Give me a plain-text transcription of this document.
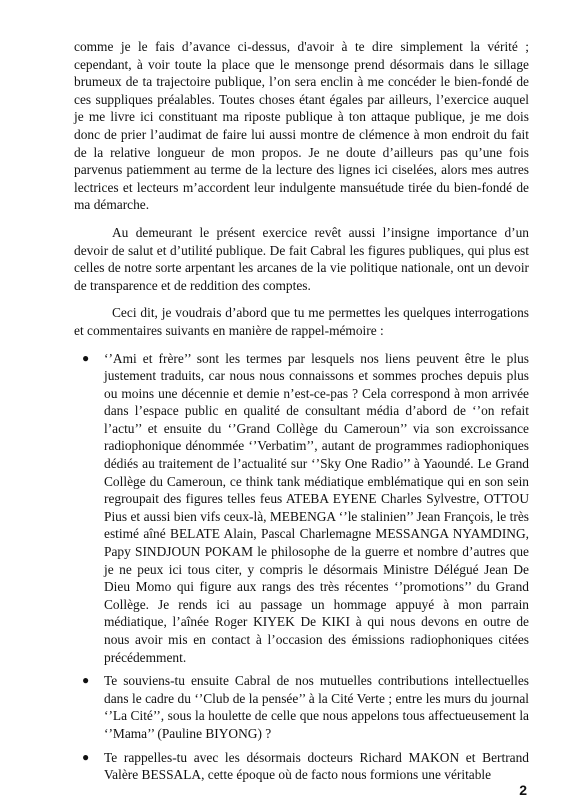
comme je le fais d’avance ci-dessus, d'avoir à te dire simplement la vérité ; cependant, à voir toute la place que le mensonge prend désormais dans le sillage brumeux de ta trajectoire publique, l’on sera enclin à me concéder le bien-fondé de ces suppliques préalables. Toutes choses étant égales par ailleurs, l’exercice auquel je me livre ici constituant ma riposte publique à ton attaque publique, je me dois donc de prier l’audimat de faire lui aussi montre de clémence à mon endroit du fait de la relative longueur de mon propos. Je ne doute d’ailleurs pas qu’une fois parvenus patiemment au terme de la lecture des lignes ici ciselées, alors mes autres lectrices et lecteurs m’accordent leur indulgente mansuétude tirée du bien-fondé de ma démarche.

Au demeurant le présent exercice revêt aussi l’insigne importance d’un devoir de salut et d’utilité publique. De fait Cabral les figures publiques, qui plus est celles de notre sorte arpentant les arcanes de la vie politique nationale, ont un devoir de transparence et de reddition des comptes.

Ceci dit, je voudrais d’abord que tu me permettes les quelques interrogations et commentaires suivants en manière de rappel-mémoire :

● ‘’Ami et frère’’ sont les termes par lesquels nos liens peuvent être le plus justement traduits, car nous nous connaissons et sommes proches depuis plus ou moins une décennie et demie n’est-ce-pas ? Cela correspond à mon arrivée dans l’espace public en qualité de consultant média d’abord de ‘’on refait l’actu’’ et ensuite du ‘’Grand Collège du Cameroun’’ via son excroissance radiophonique dénommée ‘’Verbatim’’, autant de programmes radiophoniques dédiés au traitement de l’actualité sur ‘’Sky One Radio’’ à Yaoundé. Le Grand Collège du Cameroun, ce think tank médiatique emblématique qui en son sein regroupait des figures telles feus ATEBA EYENE Charles Sylvestre, OTTOU Pius et aussi bien vifs ceux-là, MEBENGA ‘’le stalinien’’ Jean François, le très estimé aîné BELATE Alain, Pascal Charlemagne MESSANGA NYAMDING, Papy SINDJOUN POKAM le philosophe de la guerre et nombre d’autres que je ne peux ici tous citer, y compris le désormais Ministre Délégué Jean De Dieu Momo qui figure aux rangs des très récentes ‘’promotions’’ du Grand Collège. Je rends ici au passage un hommage appuyé à mon parrain médiatique, l’aînée Roger KIYEK De KIKI à qui nous devons en outre de nous avoir mis en contact à l’occasion des émissions radiophoniques citées précédemment.
● Te souviens-tu ensuite Cabral de nos mutuelles contributions intellectuelles dans le cadre du ‘’Club de la pensée’’ à la Cité Verte ; entre les murs du journal ‘’La Cité’’, sous la houlette de celle que nous appelons tous affectueusement la ‘’Mama’’ (Pauline BIYONG) ?
● Te rappelles-tu avec les désormais docteurs Richard MAKON et Bertrand Valère BESSALA, cette époque où de facto nous formions une véritable
2
